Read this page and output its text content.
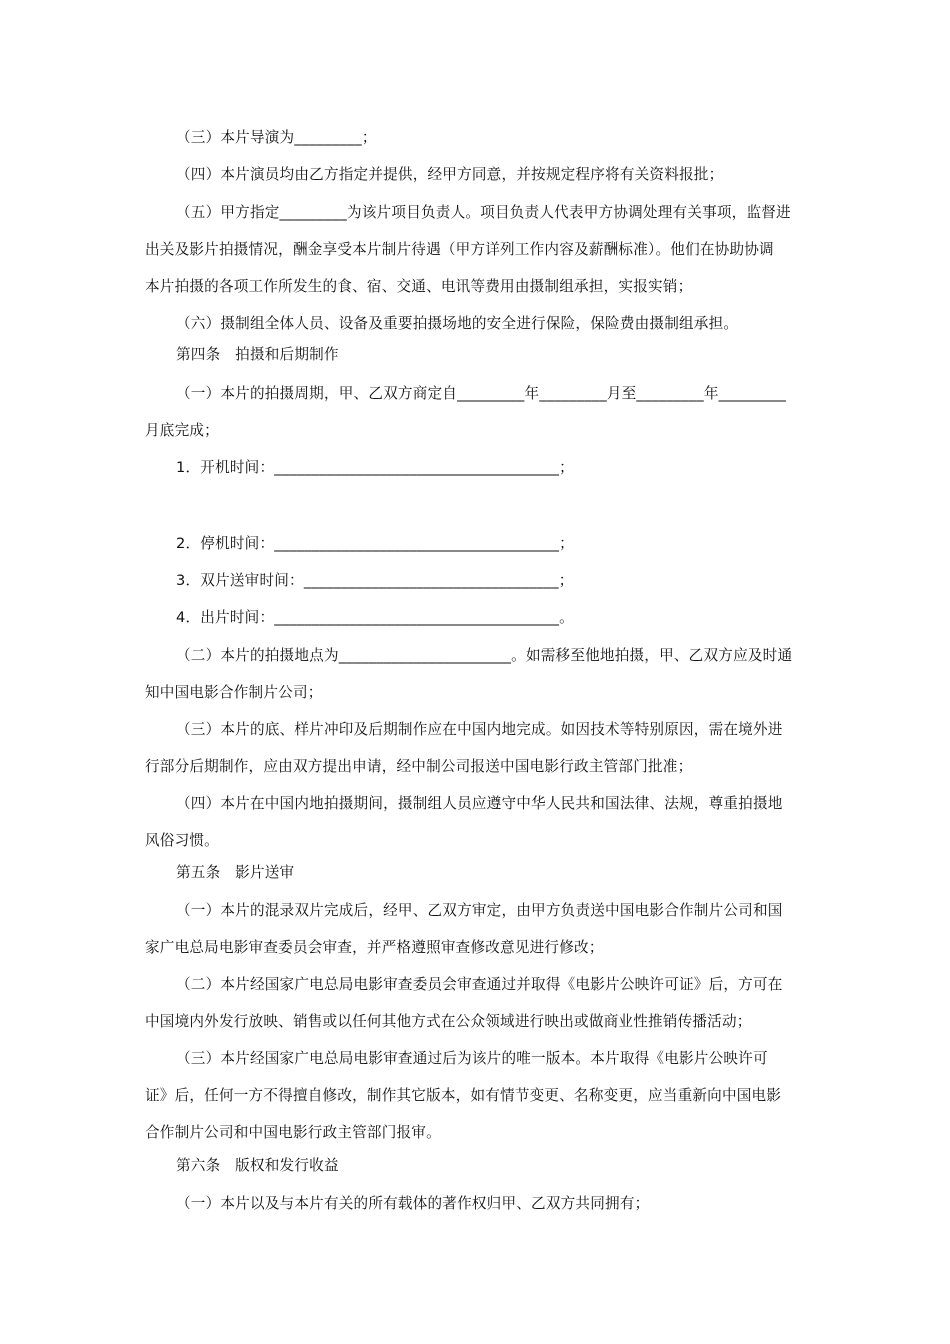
（三）本片导演为_________；
（四）本片演员均由乙方指定并提供，经甲方同意，并按规定程序将有关资料报批；
（五）甲方指定_________为该片项目负责人。项目负责人代表甲方协调处理有关事项，监督进
出关及影片拍摄情况，酬金享受本片制片待遇（甲方详列工作内容及薪酬标准）。他们在协助协调
本片拍摄的各项工作所发生的食、宿、交通、电讯等费用由摄制组承担，实报实销；
（六）摄制组全体人员、设备及重要拍摄场地的安全进行保险，保险费由摄制组承担。
第四条　拍摄和后期制作
（一）本片的拍摄周期，甲、乙双方商定自_________年_________月至_________年_________
月底完成；
1．开机时间：______________________________________；
2．停机时间：______________________________________；
3．双片送审时间：__________________________________；
4．出片时间：______________________________________。
（二）本片的拍摄地点为_______________________。如需移至他地拍摄，甲、乙双方应及时通
知中国电影合作制片公司；
（三）本片的底、样片冲印及后期制作应在中国内地完成。如因技术等特别原因，需在境外进
行部分后期制作，应由双方提出申请，经中制公司报送中国电影行政主管部门批准；
（四）本片在中国内地拍摄期间，摄制组人员应遵守中华人民共和国法律、法规，尊重拍摄地
风俗习惯。
第五条　影片送审
（一）本片的混录双片完成后，经甲、乙双方审定，由甲方负责送中国电影合作制片公司和国
家广电总局电影审查委员会审查，并严格遵照审查修改意见进行修改；
（二）本片经国家广电总局电影审查委员会审查通过并取得《电影片公映许可证》后，方可在
中国境内外发行放映、销售或以任何其他方式在公众领域进行映出或做商业性推销传播活动；
（三）本片经国家广电总局电影审查通过后为该片的唯一版本。本片取得《电影片公映许可
证》后，任何一方不得擅自修改，制作其它版本，如有情节变更、名称变更，应当重新向中国电影
合作制片公司和中国电影行政主管部门报审。
第六条　版权和发行收益
（一）本片以及与本片有关的所有载体的著作权归甲、乙双方共同拥有；
